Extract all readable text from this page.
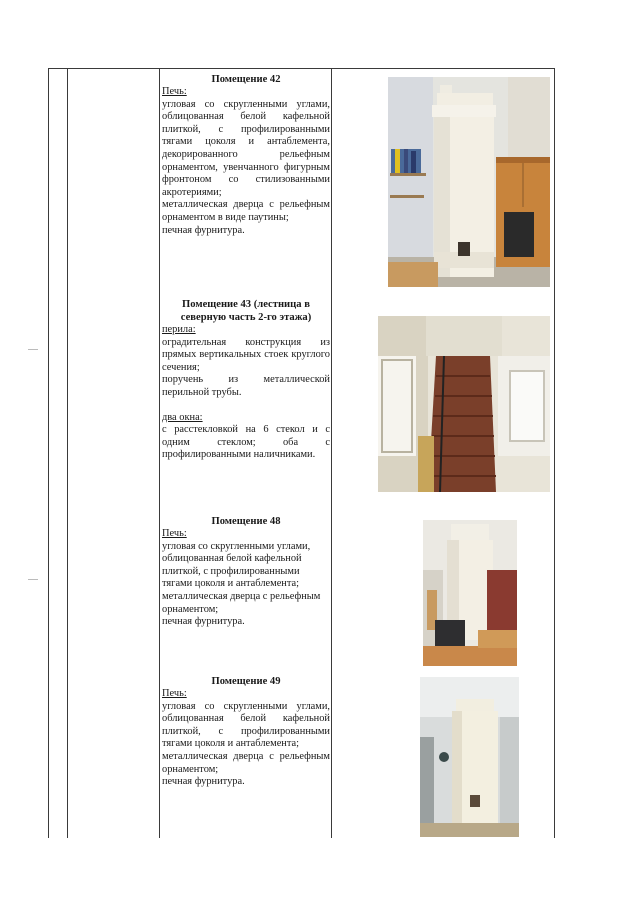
Помещение 42
Печь:
угловая со скругленными углами, облицованная белой кафельной плиткой, с профилированными тягами цоколя и антаблемента, декорированного рельефным орнаментом, увенчанного фигурным фронтоном со стилизованными акротериями;
металлическая дверца с рельефным орнаментом в виде паутины;
печная фурнитура.
Помещение 43 (лестница в северную часть 2-го этажа)
перила:
оградительная конструкция из прямых вертикальных стоек круглого сечения;
поручень из металлической перильной трубы.
два окна:
с расстекловкой на 6 стекол и с одним стеклом; оба с профилированными наличниками.
Помещение 48
Печь:
угловая со скругленными углами, облицованная белой кафельной плиткой, с профилированными тягами цоколя и антаблемента;
металлическая дверца с рельефным орнаментом;
печная фурнитура.
Помещение 49
Печь:
угловая со скругленными углами, облицованная белой кафельной плиткой, с профилированными тягами цоколя и антаблемента;
металлическая дверца с рельефным орнаментом;
печная фурнитура.
